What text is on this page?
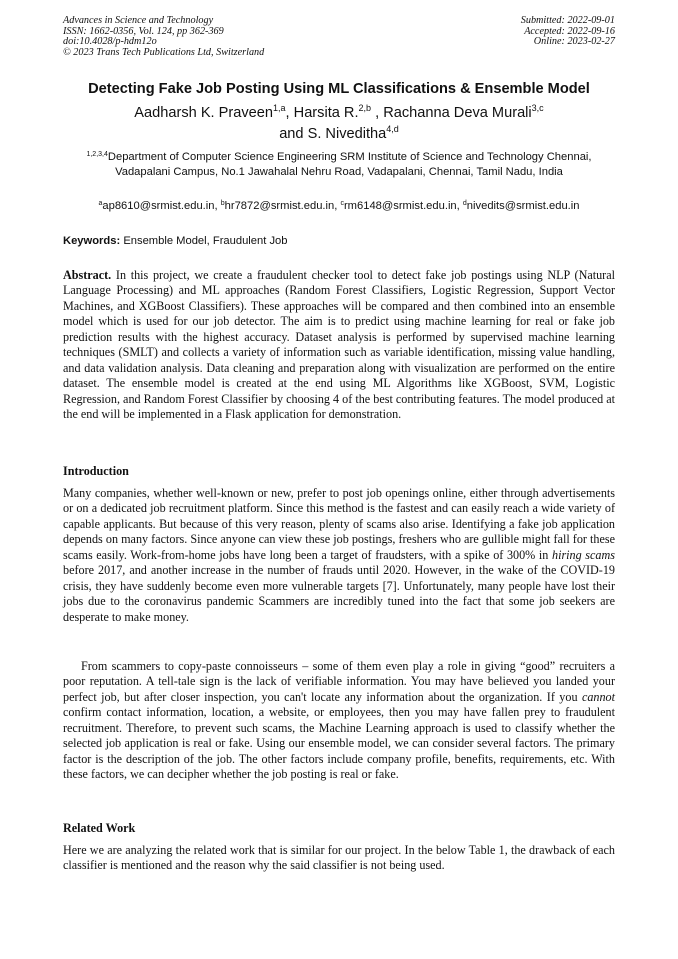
Advances in Science and Technology
ISSN: 1662-0356, Vol. 124, pp 362-369
doi:10.4028/p-hdm12o
© 2023 Trans Tech Publications Ltd, Switzerland
Submitted: 2022-09-01
Accepted: 2022-09-16
Online: 2023-02-27
Detecting Fake Job Posting Using ML Classifications & Ensemble Model
Aadharsh K. Praveen$^{1,a}$, Harsita R.$^{2,b}$ , Rachanna Deva Murali$^{3,c}$
and S. Niveditha$^{4,d}$
$^{1,2,3,4}$Department of Computer Science Engineering SRM Institute of Science and Technology Chennai, Vadapalani Campus, No.1 Jawahalal Nehru Road, Vadapalani, Chennai, Tamil Nadu, India
$^a$ap8610@srmist.edu.in, $^b$hr7872@srmist.edu.in, $^c$rm6148@srmist.edu.in, $^d$nivedits@srmist.edu.in
Keywords: Ensemble Model, Fraudulent Job
Abstract. In this project, we create a fraudulent checker tool to detect fake job postings using NLP (Natural Language Processing) and ML approaches (Random Forest Classifiers, Logistic Regression, Support Vector Machines, and XGBoost Classifiers). These approaches will be compared and then combined into an ensemble model which is used for our job detector. The aim is to predict using machine learning for real or fake job prediction results with the highest accuracy. Dataset analysis is performed by supervised machine learning techniques (SMLT) and collects a variety of information such as variable identification, missing value handling, and data validation analysis. Data cleaning and preparation along with visualization are performed on the entire dataset. The ensemble model is created at the end using ML Algorithms like XGBoost, SVM, Logistic Regression, and Random Forest Classifier by choosing 4 of the best contributing features. The model produced at the end will be implemented in a Flask application for demonstration.
Introduction
Many companies, whether well-known or new, prefer to post job openings online, either through advertisements or on a dedicated job recruitment platform. Since this method is the fastest and can easily reach a wide variety of capable applicants. But because of this very reason, plenty of scams also arise. Identifying a fake job application depends on many factors. Since anyone can view these job postings, freshers who are gullible might fall for these scams easily. Work-from-home jobs have long been a target of fraudsters, with a spike of 300% in hiring scams before 2017, and another increase in the number of frauds until 2020. However, in the wake of the COVID-19 crisis, they have suddenly become even more vulnerable targets [7]. Unfortunately, many people have lost their jobs due to the coronavirus pandemic Scammers are incredibly tuned into the fact that some job seekers are desperate to make money.
From scammers to copy-paste connoisseurs – some of them even play a role in giving “good” recruiters a poor reputation. A tell-tale sign is the lack of verifiable information. You may have believed you landed your perfect job, but after closer inspection, you can't locate any information about the organization. If you cannot confirm contact information, location, a website, or employees, then you may have fallen prey to fraudulent recruitment. Therefore, to prevent such scams, the Machine Learning approach is used to classify whether the selected job application is real or fake. Using our ensemble model, we can consider several factors. The primary factor is the description of the job. The other factors include company profile, benefits, requirements, etc. With these factors, we can decipher whether the job posting is real or fake.
Related Work
Here we are analyzing the related work that is similar for our project. In the below Table 1, the drawback of each classifier is mentioned and the reason why the said classifier is not being used.
